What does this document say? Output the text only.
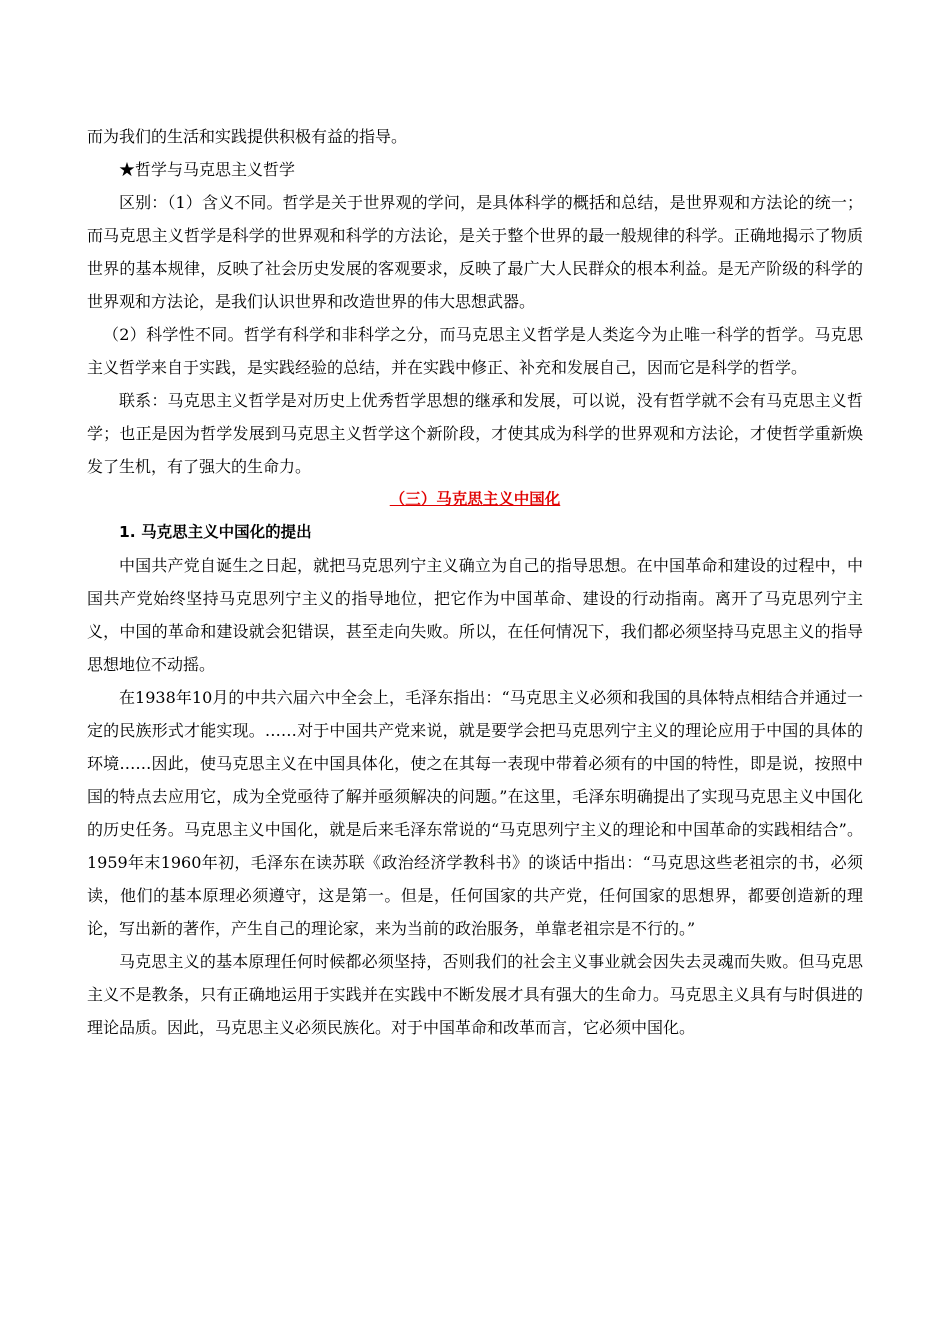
而为我们的生活和实践提供积极有益的指导。

★哲学与马克思主义哲学

区别：（1）含义不同。哲学是关于世界观的学问，是具体科学的概括和总结，是世界观和方法论的统一；而马克思主义哲学是科学的世界观和科学的方法论，是关于整个世界的最一般规律的科学。正确地揭示了物质世界的基本规律，反映了社会历史发展的客观要求，反映了最广大人民群众的根本利益。是无产阶级的科学的世界观和方法论，是我们认识世界和改造世界的伟大思想武器。

（2）科学性不同。哲学有科学和非科学之分，而马克思主义哲学是人类迄今为止唯一科学的哲学。马克思主义哲学来自于实践，是实践经验的总结，并在实践中修正、补充和发展自己，因而它是科学的哲学。

联系：马克思主义哲学是对历史上优秀哲学思想的继承和发展，可以说，没有哲学就不会有马克思主义哲学；也正是因为哲学发展到马克思主义哲学这个新阶段，才使其成为科学的世界观和方法论，才使哲学重新焕发了生机，有了强大的生命力。

（三）马克思主义中国化

1. 马克思主义中国化的提出

中国共产党自诞生之日起，就把马克思列宁主义确立为自己的指导思想。在中国革命和建设的过程中，中国共产党始终坚持马克思列宁主义的指导地位，把它作为中国革命、建设的行动指南。离开了马克思列宁主义，中国的革命和建设就会犯错误，甚至走向失败。所以，在任何情况下，我们都必须坚持马克思主义的指导思想地位不动摇。

在1938年10月的中共六届六中全会上，毛泽东指出：“马克思主义必须和我国的具体特点相结合并通过一定的民族形式才能实现。……对于中国共产党来说，就是要学会把马克思列宁主义的理论应用于中国的具体的环境……因此，使马克思主义在中国具体化，使之在其每一表现中带着必须有的中国的特性，即是说，按照中国的特点去应用它，成为全党亟待了解并亟须解决的问题。”在这里，毛泽东明确提出了实现马克思主义中国化的历史任务。马克思主义中国化，就是后来毛泽东常说的“马克思列宁主义的理论和中国革命的实践相结合”。1959年末1960年初，毛泽东在读苏联《政治经济学教科书》的谈话中指出：“马克思这些老祖宗的书，必须读，他们的基本原理必须遵守，这是第一。但是，任何国家的共产党，任何国家的思想界，都要创造新的理论，写出新的著作，产生自己的理论家，来为当前的政治服务，单靠老祖宗是不行的。”

马克思主义的基本原理任何时候都必须坚持，否则我们的社会主义事业就会因失去灵魂而失败。但马克思主义不是教条，只有正确地运用于实践并在实践中不断发展才具有强大的生命力。马克思主义具有与时俱进的理论品质。因此，马克思主义必须民族化。对于中国革命和改革而言，它必须中国化。
